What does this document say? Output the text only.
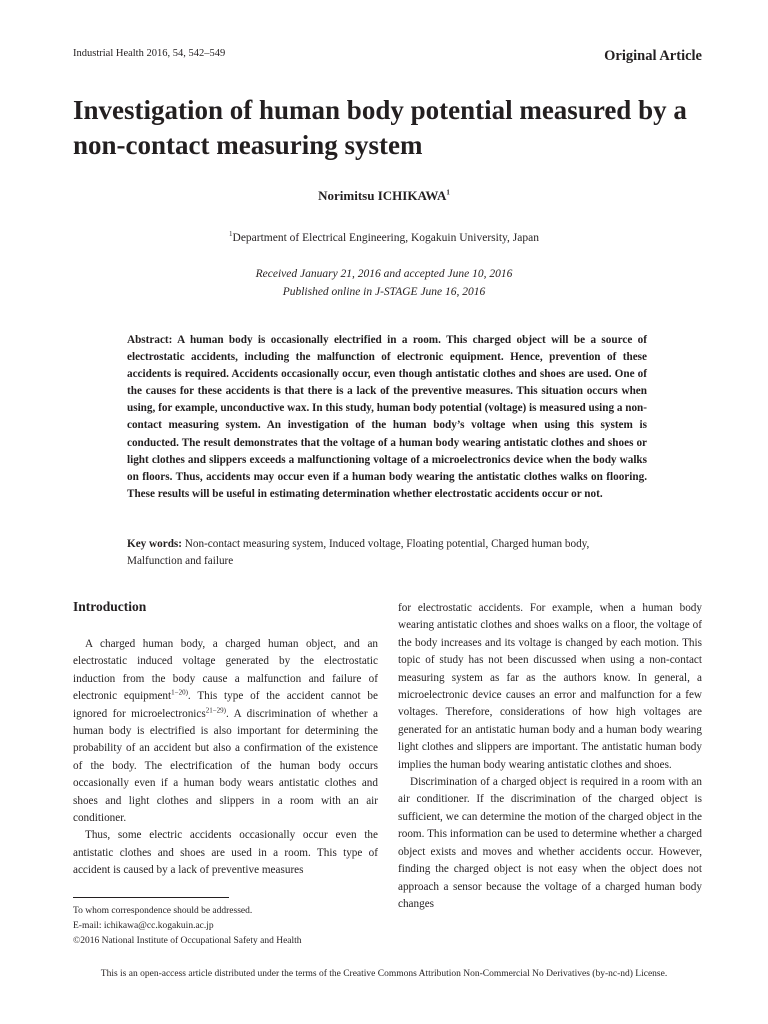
Industrial Health 2016, 54, 542–549	Original Article
Investigation of human body potential measured by a non-contact measuring system
Norimitsu ICHIKAWA$^1$
$^1$Department of Electrical Engineering, Kogakuin University, Japan
Received January 21, 2016 and accepted June 10, 2016
Published online in J-STAGE June 16, 2016
Abstract: A human body is occasionally electrified in a room. This charged object will be a source of electrostatic accidents, including the malfunction of electronic equipment. Hence, prevention of these accidents is required. Accidents occasionally occur, even though antistatic clothes and shoes are used. One of the causes for these accidents is that there is a lack of the preventive measures. This situation occurs when using, for example, unconductive wax. In this study, human body potential (voltage) is measured using a non-contact measuring system. An investigation of the human body’s voltage when using this system is conducted. The result demonstrates that the voltage of a human body wearing antistatic clothes and shoes or light clothes and slippers exceeds a malfunctioning voltage of a microelectronics device when the body walks on floors. Thus, accidents may occur even if a human body wearing the antistatic clothes walks on flooring. These results will be useful in estimating determination whether electrostatic accidents occur or not.
Key words: Non-contact measuring system, Induced voltage, Floating potential, Charged human body, Malfunction and failure
Introduction

A charged human body, a charged human object, and an electrostatic induced voltage generated by the electrostatic induction from the body cause a malfunction and failure of electronic equipment$^{1-20)}$. This type of the accident cannot be ignored for microelectronics$^{21-29)}$. A discrimination of whether a human body is electrified is also important for determining the probability of an accident but also a confirmation of the existence of the body. The electrification of the human body occurs occasionally even if a human body wears antistatic clothes and shoes and light clothes and slippers in a room with an air conditioner.

Thus, some electric accidents occasionally occur even the antistatic clothes and shoes are used in a room. This type of accident is caused by a lack of preventive measures

for electrostatic accidents. For example, when a human body wearing antistatic clothes and shoes walks on a floor, the voltage of the body increases and its voltage is changed by each motion. This topic of study has not been discussed when using a non-contact measuring system as far as the authors know. In general, a microelectronic device causes an error and malfunction for a few voltages. Therefore, considerations of how high voltages are generated for an antistatic human body and a human body wearing light clothes and slippers are important. The antistatic human body implies the human body wearing antistatic clothes and shoes.

Discrimination of a charged object is required in a room with an air conditioner. If the discrimination of the charged object is sufficient, we can determine the motion of the charged object in the room. This information can be used to determine whether a charged object exists and moves and whether accidents occur. However, finding the charged object is not easy when the object does not approach a sensor because the voltage of a charged human body changes

To whom correspondence should be addressed.
E-mail: ichikawa@cc.kogakuin.ac.jp
©2016 National Institute of Occupational Safety and Health
This is an open-access article distributed under the terms of the Creative Commons Attribution Non-Commercial No Derivatives (by-nc-nd) License.
